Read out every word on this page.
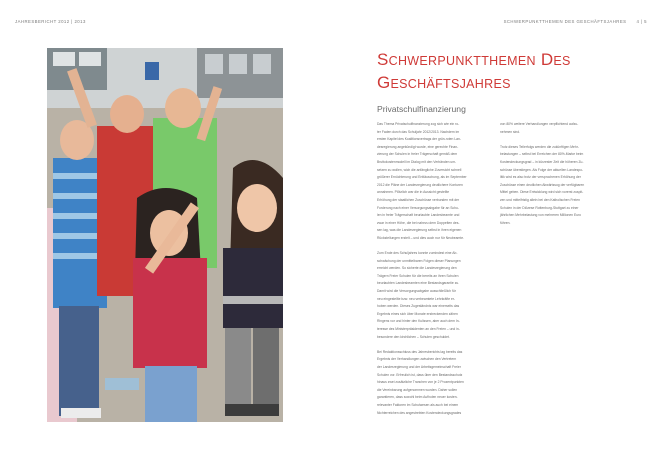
JAHRESBERICHT 2012 | 2013	SCHWERPUNKTTHEMEN DES GESCHÄFTSJAHRES 4 | 5
SCHWERPUNKTTHEMEN DES
GESCHÄFTSJAHRES
Privatschulfinanzierung

Das Thema Privatschulfinanzierung zog sich wie ein ro-
ter Faden durch das Schuljahr 2012/2013. Nachdem im
ersten Kapitel des Koalitionsvertrags der grün-roten Lan-
desregierung angekündigt wurde, eine gerechte Finan-
zierung der Schulen in freier Trägerschaft gemäß dem
Bruttokostenmodell im Dialog mit den Verbänden um-
setzen zu wollen, wich die anfängliche Zuversicht schnell
größerer Ernüchterung und Enttäuschung, als im September
2012 die Pläne der Landesregierung deutlichere Konturen
annahmen. Plötzlich war die in Aussicht gestellte
Erhöhung der staatlichen Zuschüsse verbunden mit der
Forderung nach einer Versorgungsabgabe für an Schu-
len in freier Trägerschaft beurlaubte Landesbeamte und
zwar in einer Höhe, die bei nahezu dem Doppelten des-
sen lag, was die Landesregierung selbst in ihren eigenen
Rückstellungen erzielt – und dies auch nur für Neubeamte.

Zum Ende des Schuljahres konnte zumindest eine Ab-
schwächung der unmittelbaren Folgen dieser Planungen
erreicht werden. So sicherte die Landesregierung den
Trägern Freier Schulen für die bereits an ihren Schulen
beurlaubten Landesbeamten eine Bestandsgarantie zu.
Damit wird die Versorgungsabgabe ausschließlich für
neu eingestellte bzw. neu verbeamtete Lehrkräfte er-
hoben werden. Dieses Zugeständnis war einerseits das
Ergebnis eines sich über Monate erstreckenden zähen
Ringens vor und hinter den Kulissen, aber auch dem In-
teresse des Ministerpräsidenten an den Freien – und in-
besondere den kirchlichen – Schulen geschuldet.

Bei Redaktionsschluss des Jahresberichts lag bereits das
Ergebnis der Verhandlungen zwischen den Vertretern
der Landesregierung und der Arbeitsgemeinschaft Freier
Schulen vor. Erfreulich ist, dass über den Bestandsschutz
hinaus zwei zusätzliche Tranchen von je 2 Prozentpunkten
die Vereinbarung aufgenommen wurden. Daher sollen
garantieren, dass sowohl beim Aufholen neuer kosten-
relevanter Faktoren im Schulwesen als auch bei einem
Nichterreichen des angestrebten Kostendeckungsgrades

von 80% weitere Verhandlungen verpflichtend aufzu-
nehmen sind.

Trotz dieses Teilerfolgs werden die zukünftigen Mehr-
belastungen – selbst bei Erreichen der 80%-Marke beim
Kostendeckungsgrad – in kürzester Zeit die höheren Zu-
schüsse überstiegen. Als Folge der aktuellen Landespo-
litik wird es also trotz der versprochenen Erhöhung der
Zuschüsse einen deutlichen Abwärtssog der verfügbaren
Mittel geben. Diese Entwicklung wird sich vorerst zuspit-
zen und mittelfristig allein bei den Katholischen Freien
Schulen in der Diözese Rottenburg-Stuttgart zu einer
jährlichen Mehrbelastung von mehreren Millionen Euro
führen.
